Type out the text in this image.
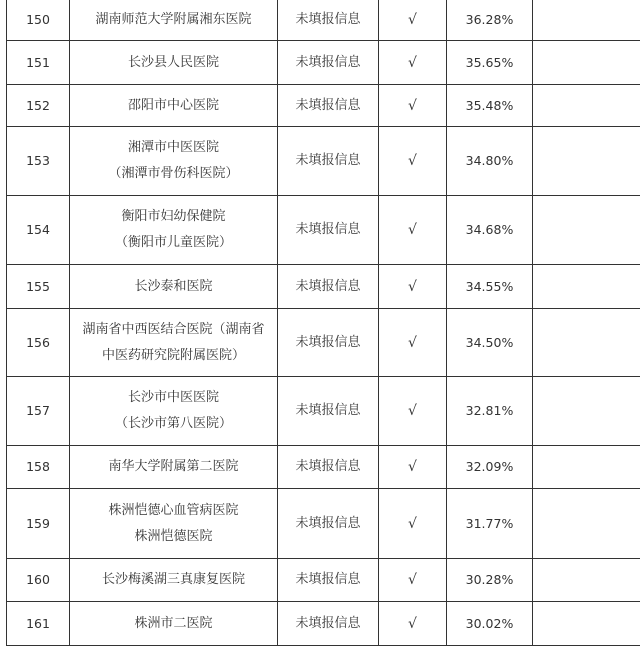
150	湖南师范大学附属湘东医院	未填报信息	√	36.28%	
151	长沙县人民医院	未填报信息	√	35.65%	
152	邵阳市中心医院	未填报信息	√	35.48%	
153	湘潭市中医医院
（湘潭市骨伤科医院）	未填报信息	√	34.80%	
154	衡阳市妇幼保健院
（衡阳市儿童医院）	未填报信息	√	34.68%	
155	长沙泰和医院	未填报信息	√	34.55%	
156	湖南省中西医结合医院（湖南省
中医药研究院附属医院）	未填报信息	√	34.50%	
157	长沙市中医医院
（长沙市第八医院）	未填报信息	√	32.81%	
158	南华大学附属第二医院	未填报信息	√	32.09%	
159	株洲恺德心血管病医院
株洲恺德医院	未填报信息	√	31.77%	
160	长沙梅溪湖三真康复医院	未填报信息	√	30.28%	
161	株洲市二医院	未填报信息	√	30.02%	
